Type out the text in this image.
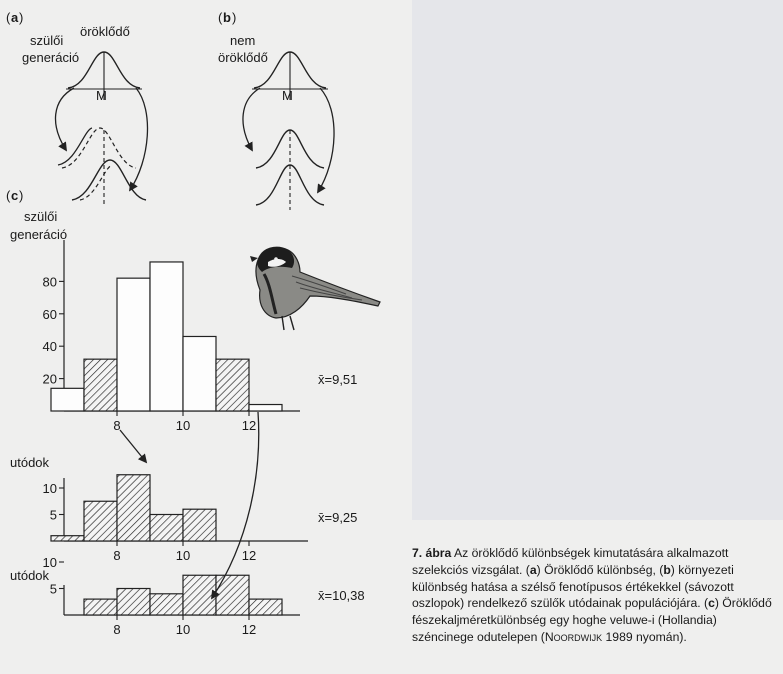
( a )
szülői
generáció
öröklődő
M
( b )
nem
öröklődő
M
( c )
szülői
generáció
utódok
utódok
20
40
60
80
8	10	12
x̄=9,51
5
10
8	10	12
x̄=9,25
5
10
8	10	12
x̄=10,38
7. ábra Az öröklődő különbségek kimutatására alkalmazott szelekciós vizsgálat. (a) Öröklődő különbség, (b) környezeti különbség hatása a szélső fenotípusos értékekkel (sávozott oszlopok) rendelkező szülők utódainak populációjára. (c) Öröklődő fészekaljméretkülönbség egy hoghe veluwe-i (Hollandia) széncinege odutelepen (Noordwijk 1989 nyomán).
